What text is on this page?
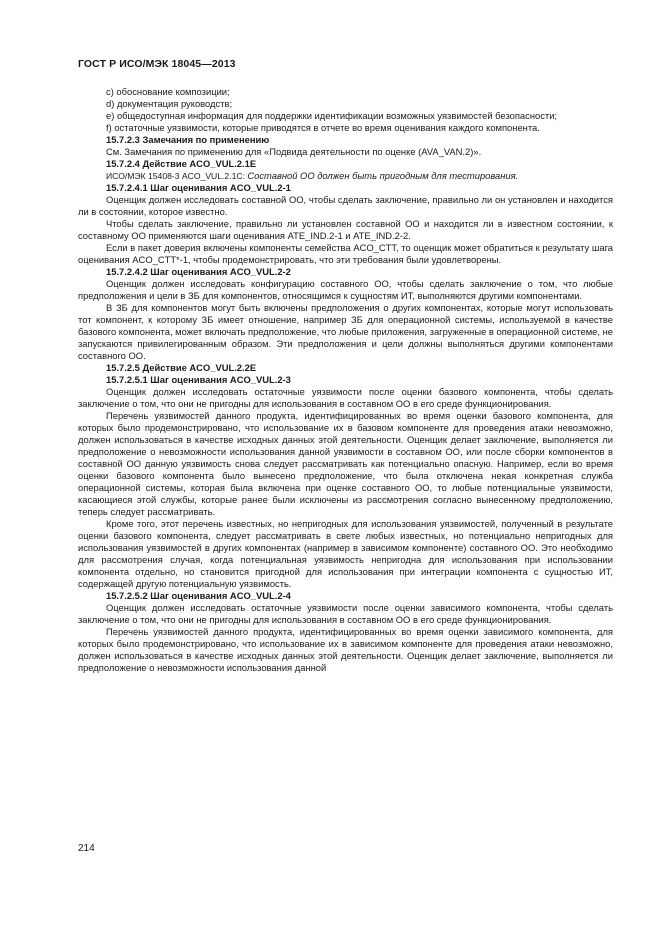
ГОСТ Р ИСО/МЭК 18045—2013

c) обоснование композиции;

d) документация руководств;

e) общедоступная информация для поддержки идентификации возможных уязвимостей безопасности;

f) остаточные уязвимости, которые приводятся в отчете во время оценивания каждого компонента.

15.7.2.3 Замечания по применению

См. Замечания по применению для «Подвида деятельности по оценке (AVA_VAN.2)».

15.7.2.4 Действие ACO_VUL.2.1E

ИСО/МЭК 15408-3 ACO_VUL.2.1C: Составной ОО должен быть пригодным для тестирования.

15.7.2.4.1 Шаг оценивания ACO_VUL.2-1

Оценщик должен исследовать составной ОО, чтобы сделать заключение, правильно ли он установлен и находится ли в состоянии, которое известно.

Чтобы сделать заключение, правильно ли установлен составной ОО и находится ли в известном состоянии, к составному ОО применяются шаги оценивания ATE_IND.2-1 и ATE_IND.2-2.

Если в пакет доверия включены компоненты семейства ACO_CTT, то оценщик может обратиться к результату шага оценивания ACO_CTT*-1, чтобы продемонстрировать, что эти требования были удовлетворены.

15.7.2.4.2 Шаг оценивания ACO_VUL.2-2

Оценщик должен исследовать конфигурацию составного ОО, чтобы сделать заключение о том, что любые предположения и цели в ЗБ для компонентов, относящимся к сущностям ИТ, выполняются другими компонентами.

В ЗБ для компонентов могут быть включены предположения о других компонентах, которые могут использовать тот компонент, к которому ЗБ имеет отношение, например ЗБ для операционной системы, используемой в качестве базового компонента, может включать предположение, что любые приложения, загруженные в операционной системе, не запускаются привилегированным образом. Эти предположения и цели должны выполняться другими компонентами составного ОО.

15.7.2.5 Действие ACO_VUL.2.2E

15.7.2.5.1 Шаг оценивания ACO_VUL.2-3

Оценщик должен исследовать остаточные уязвимости после оценки базового компонента, чтобы сделать заключение о том, что они не пригодны для использования в составном ОО в его среде функционирования.

Перечень уязвимостей данного продукта, идентифицированных во время оценки базового компонента, для которых было продемонстрировано, что использование их в базовом компоненте для проведения атаки невозможно, должен использоваться в качестве исходных данных этой деятельности. Оценщик делает заключение, выполняется ли предположение о невозможности использования данной уязвимости в составном ОО, или после сборки компонентов в составной ОО данную уязвимость снова следует рассматривать как потенциально опасную. Например, если во время оценки базового компонента было вынесено предположение, что была отключена некая конкретная служба операционной системы, которая была включена при оценке составного ОО, то любые потенциальные уязвимости, касающиеся этой службы, которые ранее были исключены из рассмотрения согласно вынесенному предположению, теперь следует рассматривать.

Кроме того, этот перечень известных, но непригодных для использования уязвимостей, полученный в результате оценки базового компонента, следует рассматривать в свете любых известных, но потенциально непригодных для использования уязвимостей в других компонентах (например в зависимом компоненте) составного ОО. Это необходимо для рассмотрения случая, когда потенциальная уязвимость непригодна для использования при использовании компонента отдельно, но становится пригодной для использования при интеграции компонента с сущностью ИТ, содержащей другую потенциальную уязвимость.

15.7.2.5.2 Шаг оценивания ACO_VUL.2-4

Оценщик должен исследовать остаточные уязвимости после оценки зависимого компонента, чтобы сделать заключение о том, что они не пригодны для использования в составном ОО в его среде функционирования.

Перечень уязвимостей данного продукта, идентифицированных во время оценки зависимого компонента, для которых было продемонстрировано, что использование их в зависимом компоненте для проведения атаки невозможно, должен использоваться в качестве исходных данных этой деятельности. Оценщик делает заключение, выполняется ли предположение о невозможности использования данной

214
